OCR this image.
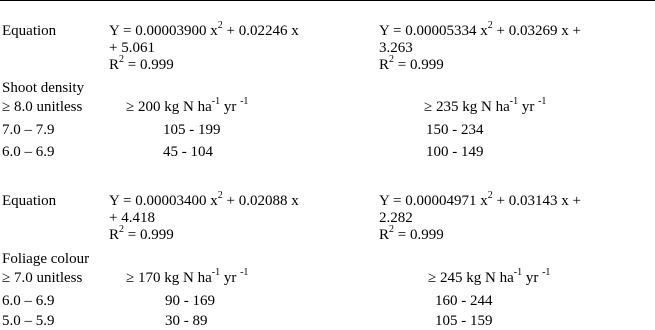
Equation	Y = 0.00003900 $x^2 + 0.02246$ x	Y = 0.00005334 $x^2 + 0.03269$ x +
+ 5.061	3.263
$R^2 = 0.999$	$R^2 = 0.999$
Shoot density
≥ 8.0 unitless	≥ 200 kg N $ha^{-1}$ yr $^{-1}$	≥ 235 kg N $ha^{-1}$ yr $^{-1}$
7.0 – 7.9	105 - 199	150 - 234
6.0 – 6.9	45 - 104	100 - 149
Equation	Y = 0.00003400 $x^2 + 0.02088$ x	Y = 0.00004971 $x^2 + 0.03143$ x +
+ 4.418	2.282
$R^2 = 0.999$	$R^2 = 0.999$
Foliage colour
≥ 7.0 unitless	≥ 170 kg N $ha^{-1}$ yr $^{-1}$	≥ 245 kg N $ha^{-1}$ yr $^{-1}$
6.0 – 6.9	90 - 169	160 - 244
5.0 – 5.9	30 - 89	105 - 159
